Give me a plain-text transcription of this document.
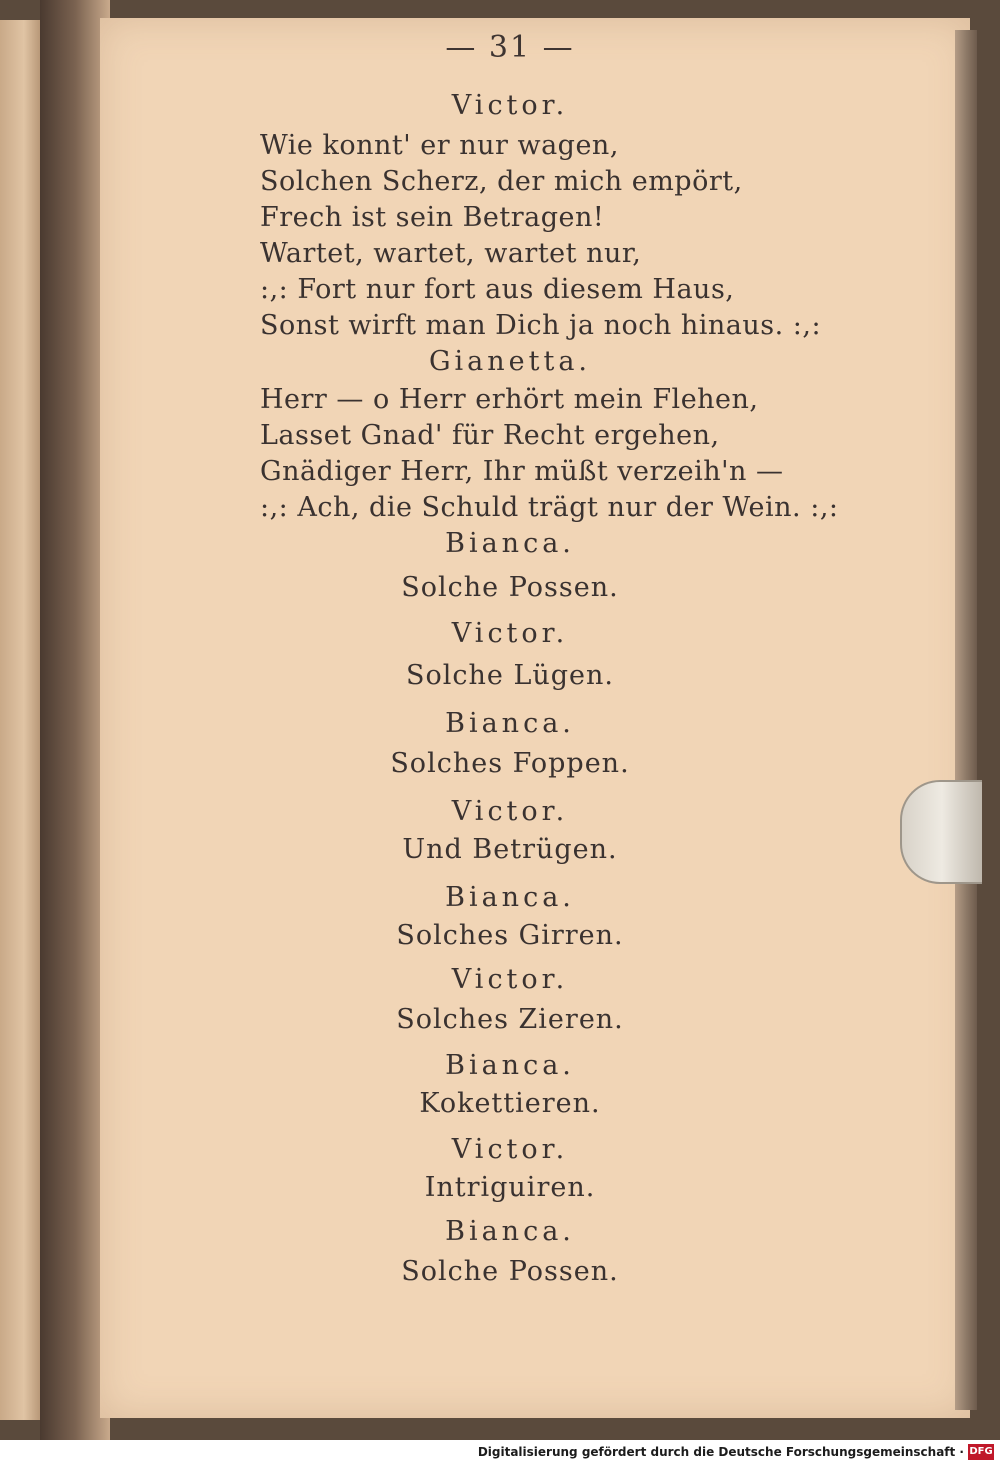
— 31 —
Victor.
Wie konnt' er nur wagen,
Solchen Scherz, der mich empört,
Frech ist sein Betragen!
Wartet, wartet, wartet nur,
:,: Fort nur fort aus diesem Haus,
Sonst wirft man Dich ja noch hinaus. :,:
Gianetta.
Herr — o Herr erhört mein Flehen,
Lasset Gnad' für Recht ergehen,
Gnädiger Herr, Ihr müßt verzeih'n —
:,: Ach, die Schuld trägt nur der Wein. :,:
Bianca.
Solche Possen.
Victor.
Solche Lügen.
Bianca.
Solches Foppen.
Victor.
Und Betrügen.
Bianca.
Solches Girren.
Victor.
Solches Zieren.
Bianca.
Kokettieren.
Victor.
Intriguiren.
Bianca.
Solche Possen.
Digitalisierung gefördert durch die Deutsche Forschungsgemeinschaft · DFG
